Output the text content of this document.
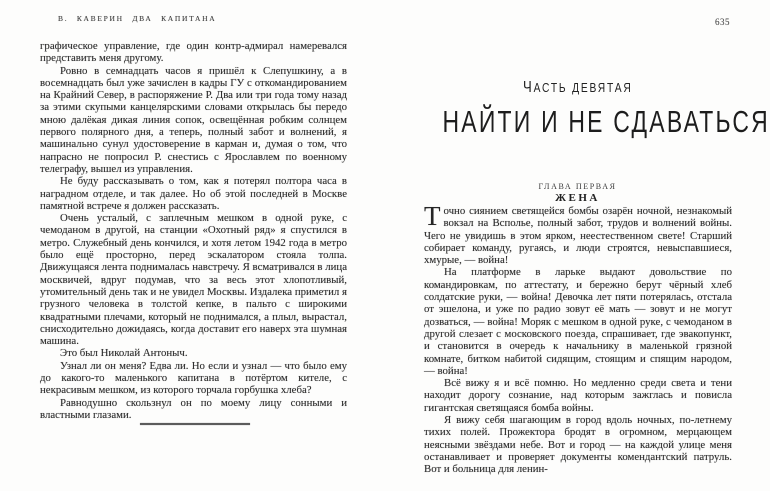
В. КАВЕРИН ДВА КАПИТАНА

графическое управление, где один контр-адмирал намеревался представить меня другому.

Ровно в семнадцать часов я пришёл к Слепушкину, а в восемнадцать был уже зачислен в кадры ГУ с откомандированием на Крайний Север, в распоряжение Р. Два или три года тому назад за этими скупыми канцелярскими словами открылась бы передо мною далёкая дикая линия сопок, освещённая робким солнцем первого полярного дня, а теперь, полный забот и волнений, я машинально сунул удостоверение в карман и, думая о том, что напрасно не попросил Р. снестись с Ярославлем по военному телеграфу, вышел из управления.

Не буду рассказывать о том, как я потерял полтора часа в наградном отделе, и так далее. Но об этой последней в Москве памятной встрече я должен рассказать.

Очень усталый, с заплечным мешком в одной руке, с чемоданом в другой, на станции «Охотный ряд» я спустился в метро. Служебный день кончился, и хотя летом 1942 года в метро было ещё просторно, перед эскалатором стояла толпа. Движущаяся лента поднималась навстречу. Я всматривался в лица москвичей, вдруг подумав, что за весь этот хлопотливый, утомительный день так и не увидел Москвы. Издалека приметил я грузного человека в толстой кепке, в пальто с широкими квадратными плечами, который не поднимался, а плыл, вырастал, снисходительно дожидаясь, когда доставит его наверх эта шумная машина.

Это был Николай Антоныч.

Узнал ли он меня? Едва ли. Но если и узнал — что было ему до какого-то маленького капитана в потёртом кителе, с некрасивым мешком, из которого торчала горбушка хлеба?

Равнодушно скользнул он по моему лицу сонными и властными глазами.

635
ЧАСТЬ ДЕВЯТАЯ
НАЙТИ И НЕ СДАВАТЬСЯ
ГЛАВА ПЕРВАЯ
ЖЕНА

Точно сиянием светящейся бомбы озарён ночной, незнакомый вокзал на Всполье, полный забот, трудов и волнений войны. Чего не увидишь в этом ярком, неестественном свете! Старший собирает команду, ругаясь, и люди строятся, невыспавшиеся, хмурые, — война!

На платформе в ларьке выдают довольствие по командировкам, по аттестату, и бережно берут чёрный хлеб солдатские руки, — война! Девочка лет пяти потерялась, отстала от эшелона, и уже по радио зовут её мать — зовут и не могут дозваться, — война! Моряк с мешком в одной руке, с чемоданом в другой слезает с московского поезда, спрашивает, где эвакопункт, и становится в очередь к начальнику в маленькой грязной комнате, битком набитой сидящим, стоящим и спящим народом, — война!

Всё вижу я и всё помню. Но медленно среди света и тени находит дорогу сознание, над которым зажглась и повисла гигантская светящаяся бомба войны.

Я вижу себя шагающим в город вдоль ночных, по-летнему тихих полей. Прожектора бродят в огромном, мерцающем неясными звёздами небе. Вот и город — на каждой улице меня останавливает и проверяет документы комендантский патруль. Вот и больница для ленин-
